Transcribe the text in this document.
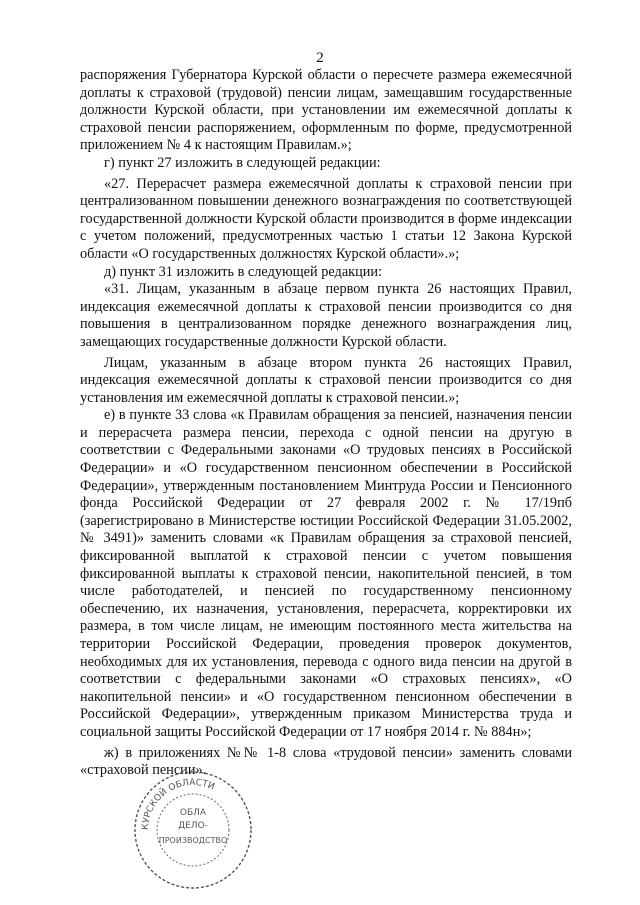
2

распоряжения Губернатора Курской области о пересчете размера ежемесячной доплаты к страховой (трудовой) пенсии лицам, замещавшим государственные должности Курской области, при установлении им ежемесячной доплаты к страховой пенсии распоряжением, оформленным по форме, предусмотренной приложением № 4 к настоящим Правилам.»;

г) пункт 27 изложить в следующей редакции:

«27. Перерасчет размера ежемесячной доплаты к страховой пенсии при централизованном повышении денежного вознаграждения по соответствующей государственной должности Курской области производится в форме индексации с учетом положений, предусмотренных частью 1 статьи 12 Закона Курской области «О государственных должностях Курской области».»;

д) пункт 31 изложить в следующей редакции:

«31. Лицам, указанным в абзаце первом пункта 26 настоящих Правил, индексация ежемесячной доплаты к страховой пенсии производится со дня повышения в централизованном порядке денежного вознаграждения лиц, замещающих государственные должности Курской области.

Лицам, указанным в абзаце втором пункта 26 настоящих Правил, индексация ежемесячной доплаты к страховой пенсии производится со дня установления им ежемесячной доплаты к страховой пенсии.»;

е) в пункте 33 слова «к Правилам обращения за пенсией, назначения пенсии и перерасчета размера пенсии, перехода с одной пенсии на другую в соответствии с Федеральными законами «О трудовых пенсиях в Российской Федерации» и «О государственном пенсионном обеспечении в Российской Федерации», утвержденным постановлением Минтруда России и Пенсионного фонда Российской Федерации от 27 февраля 2002 г. № 17/19пб (зарегистрировано в Министерстве юстиции Российской Федерации 31.05.2002, № 3491)» заменить словами «к Правилам обращения за страховой пенсией, фиксированной выплатой к страховой пенсии с учетом повышения фиксированной выплаты к страховой пенсии, накопительной пенсией, в том числе работодателей, и пенсией по государственному пенсионному обеспечению, их назначения, установления, перерасчета, корректировки их размера, в том числе лицам, не имеющим постоянного места жительства на территории Российской Федерации, проведения проверок документов, необходимых для их установления, перевода с одного вида пенсии на другой в соответствии с федеральными законами «О страховых пенсиях», «О накопительной пенсии» и «О государственном пенсионном обеспечении в Российской Федерации», утвержденным приказом Министерства труда и социальной защиты Российской Федерации от 17 ноября 2014 г. № 884н»;

ж) в приложениях №№ 1-8 слова «трудовой пенсии» заменить словами «страховой пенсии».

КУРСКОЙ ОБЛАСТИ
ОБЛА
ДЕЛО-
ПРОИЗВОДСТВО
